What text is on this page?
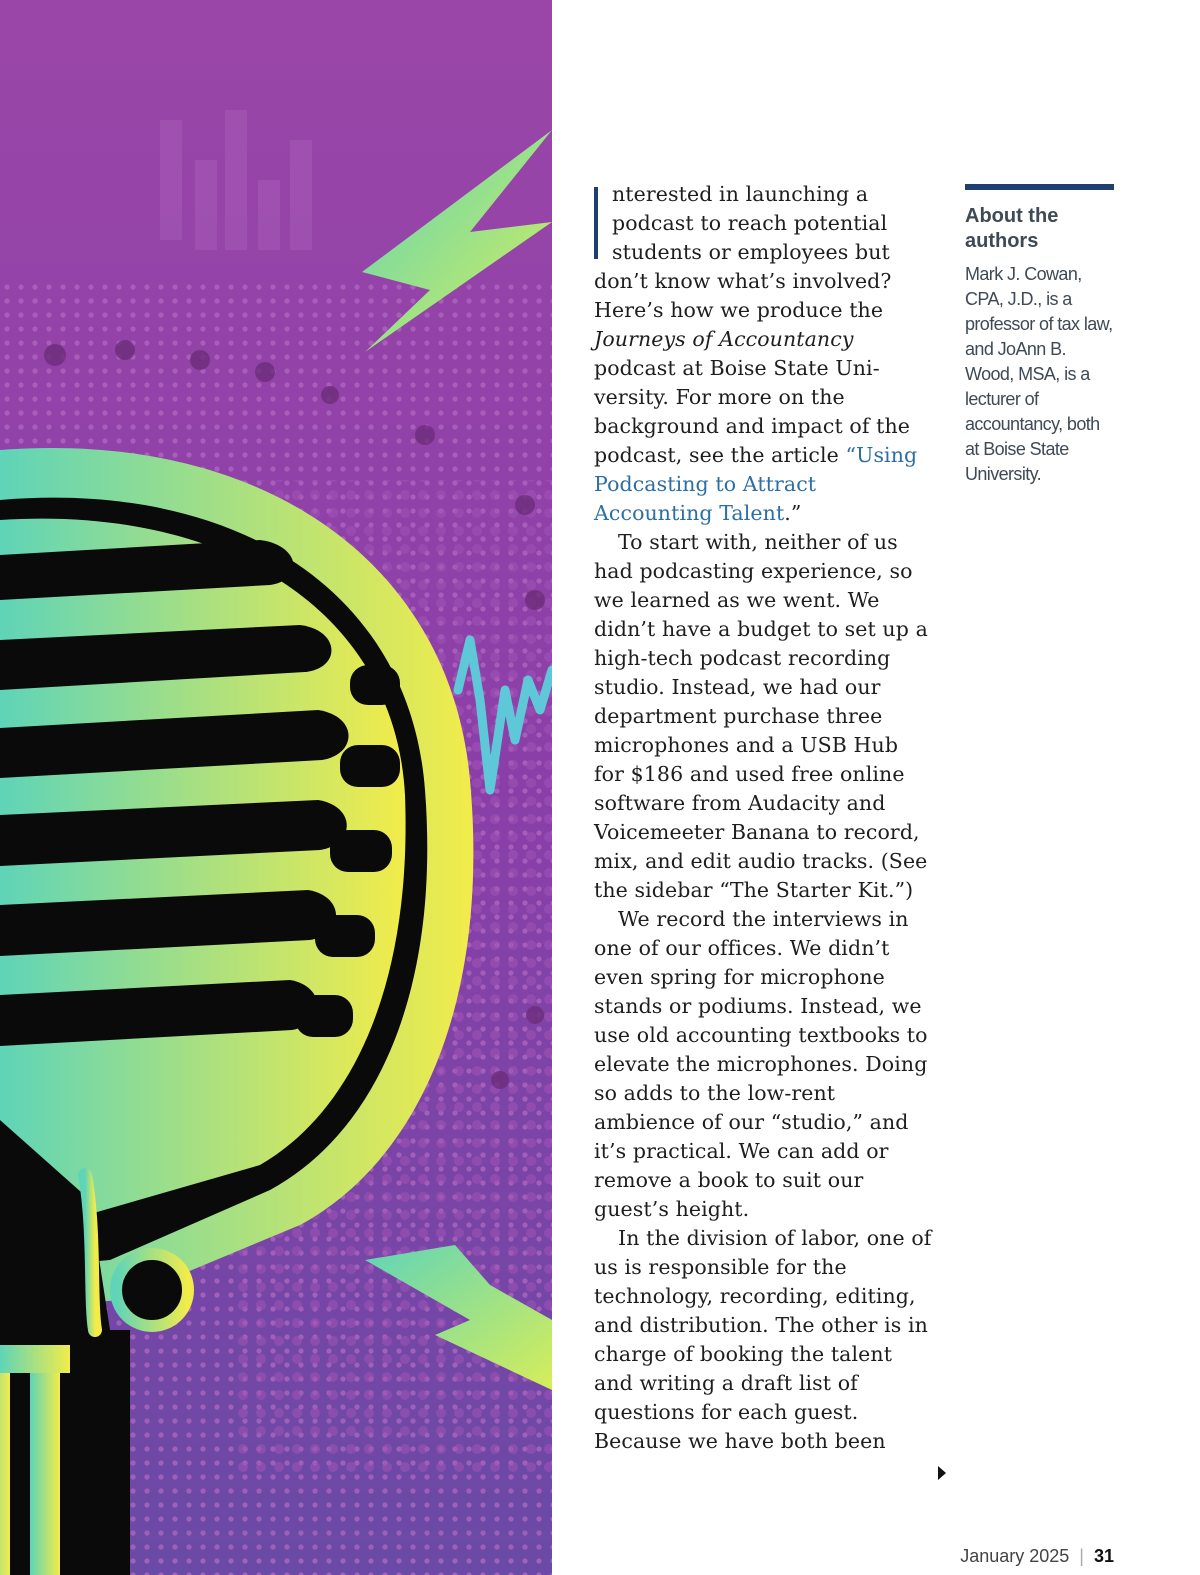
nterested in launching a podcast to reach potential students or employees but don’t know what’s involved? Here’s how we produce the Journeys of Accountancy podcast at Boise State University. For more on the background and impact of the podcast, see the article “Using Podcasting to Attract Accounting Talent.”

To start with, neither of us had podcasting experience, so we learned as we went. We didn’t have a budget to set up a high-tech podcast recording studio. Instead, we had our department purchase three microphones and a USB Hub for $186 and used free online software from Audacity and Voicemeeter Banana to record, mix, and edit audio tracks. (See the sidebar “The Starter Kit.”)

We record the interviews in one of our offices. We didn’t even spring for microphone stands or podiums. Instead, we use old accounting textbooks to elevate the microphones. Doing so adds to the low-rent ambience of our “studio,” and it’s practical. We can add or remove a book to suit our guest’s height.

In the division of labor, one of us is responsible for the technology, recording, editing, and distribution. The other is in charge of booking the talent and writing a draft list of questions for each guest. Because we have both been

About the authors

Mark J. Cowan, CPA, J.D., is a professor of tax law, and JoAnn B. Wood, MSA, is a lecturer of accountancy, both at Boise State University.

January 2025 | 31
